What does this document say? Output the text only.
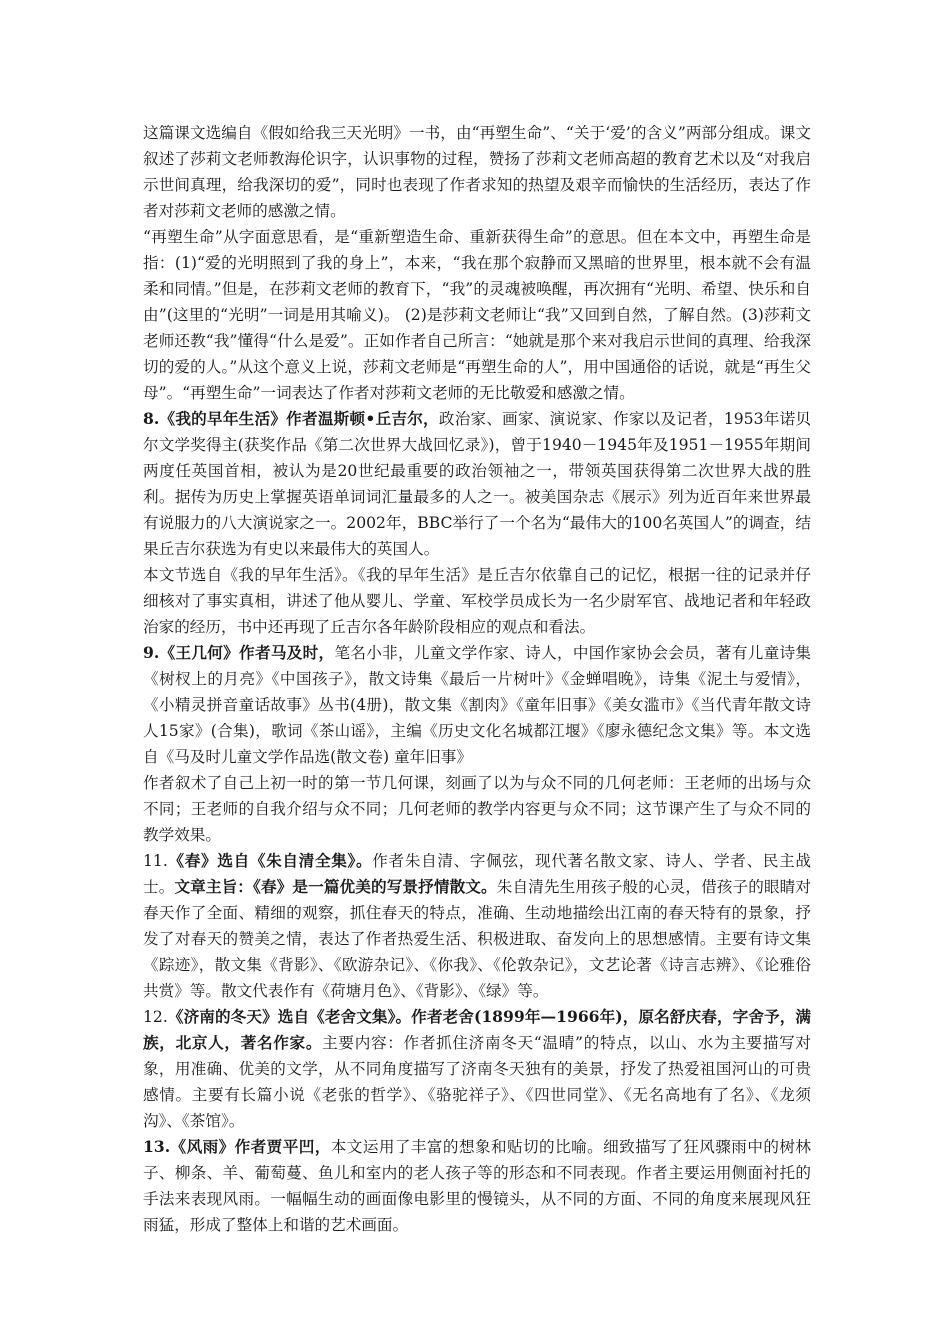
这篇课文选编自《假如给我三天光明》一书，由“再塑生命”、“关于‘爱’的含义”两部分组成。课文叙述了莎莉文老师教海伦识字，认识事物的过程，赞扬了莎莉文老师高超的教育艺术以及“对我启示世间真理，给我深切的爱”，同时也表现了作者求知的热望及艰辛而愉快的生活经历，表达了作者对莎莉文老师的感激之情。

“再塑生命”从字面意思看，是“重新塑造生命、重新获得生命”的意思。但在本文中，再塑生命是指：(1)“爱的光明照到了我的身上”，本来，“我在那个寂静而又黑暗的世界里，根本就不会有温柔和同情。”但是，在莎莉文老师的教育下，“我”的灵魂被唤醒，再次拥有“光明、希望、快乐和自由”(这里的“光明”一词是用其喻义)。 (2)是莎莉文老师让“我”又回到自然，了解自然。(3)莎莉文老师还教“我”懂得“什么是爱”。正如作者自己所言：“她就是那个来对我启示世间的真理、给我深切的爱的人。”从这个意义上说，莎莉文老师是“再塑生命的人”，用中国通俗的话说，就是“再生父母”。“再塑生命”一词表达了作者对莎莉文老师的无比敬爱和感激之情。

8.《我的早年生活》作者温斯顿•丘吉尔，政治家、画家、演说家、作家以及记者，1953年诺贝尔文学奖得主(获奖作品《第二次世界大战回忆录》)，曾于1940－1945年及1951－1955年期间两度任英国首相，被认为是20世纪最重要的政治领袖之一，带领英国获得第二次世界大战的胜利。据传为历史上掌握英语单词词汇量最多的人之一。被美国杂志《展示》列为近百年来世界最有说服力的八大演说家之一。2002年，BBC举行了一个名为“最伟大的100名英国人”的调查，结果丘吉尔获选为有史以来最伟大的英国人。

本文节选自《我的早年生活》。《我的早年生活》是丘吉尔依靠自己的记忆，根据一往的记录并仔细核对了事实真相，讲述了他从婴儿、学童、军校学员成长为一名少尉军官、战地记者和年轻政治家的经历，书中还再现了丘吉尔各年龄阶段相应的观点和看法。

9.《王几何》作者马及时，笔名小非，儿童文学作家、诗人，中国作家协会会员，著有儿童诗集《树杈上的月亮》《中国孩子》，散文诗集《最后一片树叶》《金蝉唱晚》，诗集《泥土与爱情》，《小精灵拼音童话故事》丛书(4册)，散文集《割肉》《童年旧事》《美女滥市》《当代青年散文诗人15家》(合集)，歌词《茶山谣》，主编《历史文化名城都江堰》《廖永德纪念文集》等。本文选自《马及时儿童文学作品选(散文卷) 童年旧事》

作者叙术了自己上初一时的第一节几何课，刻画了以为与众不同的几何老师：王老师的出场与众不同；王老师的自我介绍与众不同；几何老师的教学内容更与众不同；这节课产生了与众不同的教学效果。

11.《春》选自《朱自清全集》。作者朱自清、字佩弦，现代著名散文家、诗人、学者、民主战士。文章主旨：《春》是一篇优美的写景抒情散文。朱自清先生用孩子般的心灵，借孩子的眼睛对春天作了全面、精细的观察，抓住春天的特点，准确、生动地描绘出江南的春天特有的景象，抒发了对春天的赞美之情，表达了作者热爱生活、积极进取、奋发向上的思想感情。主要有诗文集《踪迹》，散文集《背影》、《欧游杂记》、《你我》、《伦敦杂记》，文艺论著《诗言志辨》、《论雅俗共赏》等。散文代表作有《荷塘月色》、《背影》、《绿》等。

12.《济南的冬天》选自《老舍文集》。作者老舍(1899年—1966年)，原名舒庆春，字舍予，满族，北京人，著名作家。主要内容：作者抓住济南冬天“温晴”的特点，以山、水为主要描写对象，用准确、优美的文学，从不同角度描写了济南冬天独有的美景，抒发了热爱祖国河山的可贵感情。主要有长篇小说《老张的哲学》、《骆驼祥子》、《四世同堂》、《无名高地有了名》、《龙须沟》、《茶馆》。

13.《风雨》作者贾平凹，本文运用了丰富的想象和贴切的比喻。细致描写了狂风骤雨中的树林子、柳条、羊、葡萄蔓、鱼儿和室内的老人孩子等的形态和不同表现。作者主要运用侧面衬托的手法来表现风雨。一幅幅生动的画面像电影里的慢镜头，从不同的方面、不同的角度来展现风狂雨猛，形成了整体上和谐的艺术画面。
